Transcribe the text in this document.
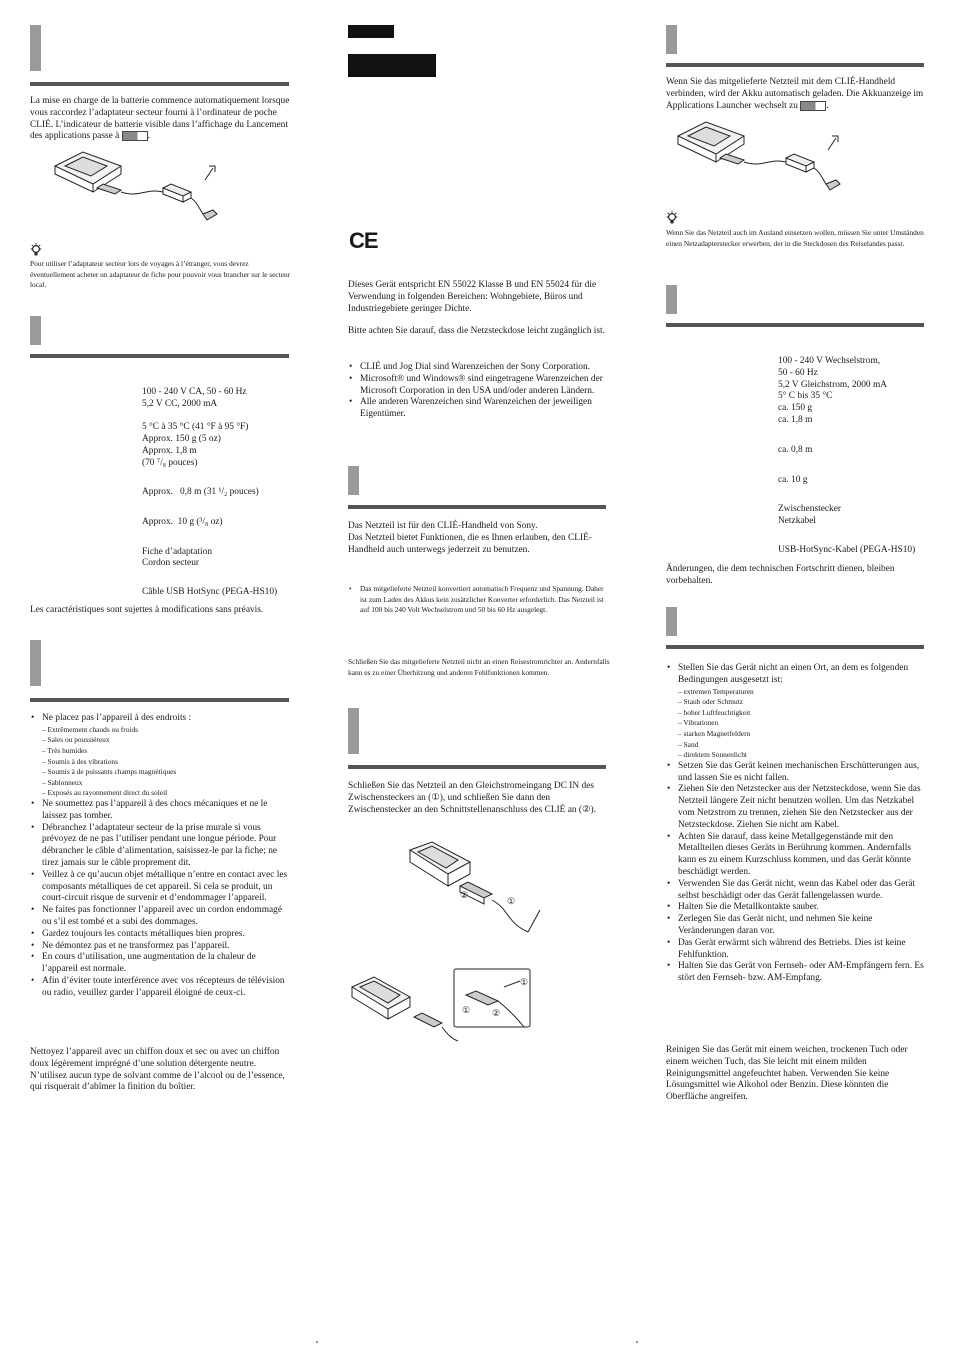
La mise en charge de la batterie commence automatiquement lorsque vous raccordez l’adaptateur secteur fourni à l’ordinateur de poche CLIÉ. L’indicateur de batterie visible dans l’affichage du Lancement des applications passe à	.

Pour utiliser l’adaptateur secteur lors de voyages à l’étranger, vous devrez éventuellement acheter un adaptateur de fiche pour pouvoir vous brancher sur le secteur local.

100 - 240 V CA, 50 - 60 Hz
5,2 V CC, 2000 mA
5 °C à 35 °C (41 °F à 95 °F)
Approx. 150 g (5 oz)
Approx. 1,8 m
(70 ⁷/₈ pouces)

Approx.   0,8 m (31 ¹/₂ pouces)

Approx.  10 g (³/₈ oz)

Fiche d’adaptation

Cordon secteur

Câble USB HotSync (PEGA-HS10)

Les caractéristiques sont sujettes à modifications sans préavis.

• Ne placez pas l’appareil à des endroits :
– Extrêmement chauds ou froids
– Sales ou poussiéreux
– Très humides
– Soumis à des vibrations
– Soumis à de puissants champs magnétiques
– Sablonneux
– Exposés au rayonnement direct du soleil
• Ne soumettez pas l’appareil à des chocs mécaniques et ne le laissez pas tomber.
• Débranchez l’adaptateur secteur de la prise murale si vous prévoyez de ne pas l’utiliser pendant une longue période. Pour débrancher le câble d’alimentation, saisissez-le par la fiche; ne tirez jamais sur le câble proprement dit.
• Veillez à ce qu’aucun objet métallique n’entre en contact avec les composants métalliques de cet appareil. Si cela se produit, un court-circuit risque de survenir et d’endommager l’appareil.
• Ne faites pas fonctionner l’appareil avec un cordon endommagé ou s’il est tombé et a subi des dommages.
• Gardez toujours les contacts métalliques bien propres.
• Ne démontez pas et ne transformez pas l’appareil.
• En cours d’utilisation, une augmentation de la chaleur de l’appareil est normale.
• Afin d’éviter toute interférence avec vos récepteurs de télévision ou radio, veuillez garder l’appareil éloigné de ceux-ci.

Nettoyez l’appareil avec un chiffon doux et sec ou avec un chiffon doux légèrement imprégné d’une solution détergente neutre. N’utilisez aucun type de solvant comme de l’alcool ou de l’essence, qui risquerait d’abîmer la finition du boîtier.

CE

Dieses Gerät entspricht EN 55022 Klasse B und EN 55024 für die Verwendung in folgenden Bereichen: Wohngebiete, Büros und Industriegebiete geringer Dichte.

Bitte achten Sie darauf, dass die Netzsteckdose leicht zugänglich ist.

• CLIÉ und Jog Dial sind Warenzeichen der Sony Corporation.
• Microsoft® und Windows® sind eingetragene Warenzeichen der Microsoft Corporation in den USA und/oder anderen Ländern.
• Alle anderen Warenzeichen sind Warenzeichen der jeweiligen Eigentümer.

Das Netzteil ist für den CLIÉ-Handheld von Sony.
Das Netzteil bietet Funktionen, die es Ihnen erlauben, den CLIÉ-Handheld auch unterwegs jederzeit zu benutzen.

• Das mitgelieferte Netzteil konvertiert automatisch Frequenz und Spannung. Daher ist zum Laden des Akkus kein zusätzlicher Konverter erforderlich. Das Netzteil ist auf 100 bis 240 Volt Wechselstrom und 50 bis 60 Hz ausgelegt.

Schließen Sie das mitgelieferte Netzteil nicht an einen Reisestromrichter an. Andernfalls kann es zu einer Überhitzung und anderen Fehlfunktionen kommen.

Schließen Sie das Netzteil an den Gleichstromeingang DC IN des Zwischensteckers an (①), und schließen Sie dann den Zwischenstecker an den Schnittstellenanschluss des CLIÉ an (②).

②
①
① ②
①

Wenn Sie das mitgelieferte Netzteil mit dem CLIÉ-Handheld verbinden, wird der Akku automatisch geladen. Die Akkuanzeige im Applications Launcher wechselt zu	.

Wenn Sie das Netzteil auch im Ausland einsetzen wollen, müssen Sie unter Umständen einen Netzadapterstecker erwerben, der in die Steckdosen des Reiselandes passt.

100 - 240 V Wechselstrom,
50 - 60 Hz
5,2 V Gleichstrom, 2000 mA
5° C bis 35 °C
ca. 150 g
ca. 1,8 m

ca. 0,8 m

ca. 10 g

Zwischenstecker

Netzkabel

USB-HotSync-Kabel (PEGA-HS10)

Änderungen, die dem technischen Fortschritt dienen, bleiben vorbehalten.

• Stellen Sie das Gerät nicht an einen Ort, an dem es folgenden Bedingungen ausgesetzt ist:
– extremen Temperaturen
– Staub oder Schmutz
– hoher Luftfeuchtigkeit
– Vibrationen
– starken Magnetfeldern
– Sand
– direktem Sonnenlicht
• Setzen Sie das Gerät keinen mechanischen Erschütterungen aus, und lassen Sie es nicht fallen.
• Ziehen Sie den Netzstecker aus der Netzsteckdose, wenn Sie das Netzteil längere Zeit nicht benutzen wollen. Um das Netzkabel vom Netzstrom zu trennen, ziehen Sie den Netzstecker aus der Netzsteckdose. Ziehen Sie nicht am Kabel.
• Achten Sie darauf, dass keine Metallgegenstände mit den Metallteilen dieses Geräts in Berührung kommen. Andernfalls kann es zu einem Kurzschluss kommen, und das Gerät könnte beschädigt werden.
• Verwenden Sie das Gerät nicht, wenn das Kabel oder das Gerät selbst beschädigt oder das Gerät fallengelassen wurde.
• Halten Sie die Metallkontakte sauber.
• Zerlegen Sie das Gerät nicht, und nehmen Sie keine Veränderungen daran vor.
• Das Gerät erwärmt sich während des Betriebs. Dies ist keine Fehlfunktion.
• Halten Sie das Gerät von Fernseh- oder AM-Empfängern fern. Es stört den Fernseh- bzw. AM-Empfang.

Reinigen Sie das Gerät mit einem weichen, trockenen Tuch oder einem weichen Tuch, das Sie leicht mit einem milden Reinigungsmittel angefeuchtet haben. Verwenden Sie keine Lösungsmittel wie Alkohol oder Benzin. Diese könnten die Oberfläche angreifen.
